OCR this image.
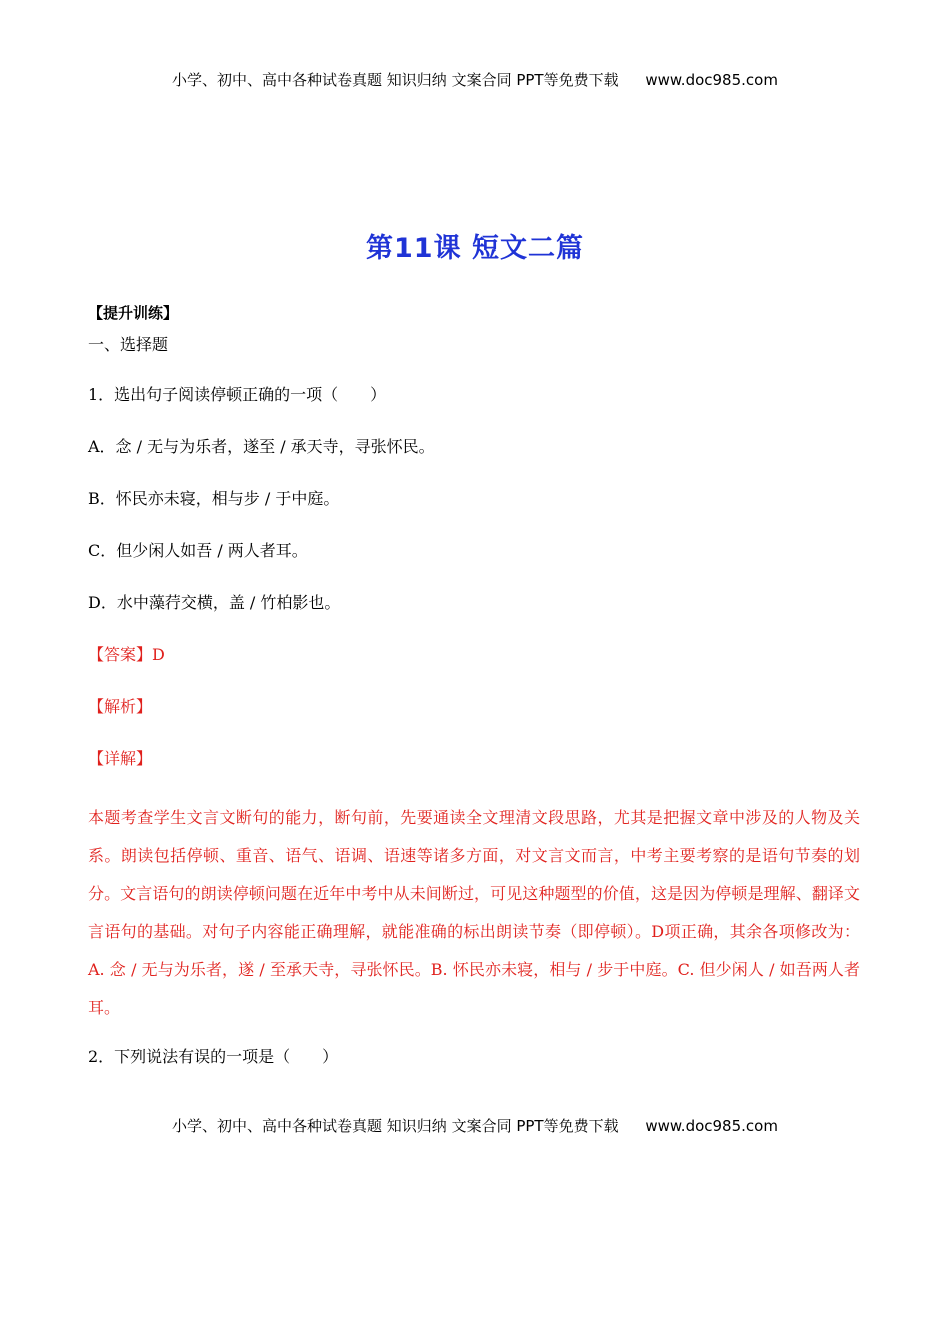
小学、初中、高中各种试卷真题 知识归纳 文案合同 PPT等免费下载 www.doc985.com
第11课 短文二篇

【提升训练】

一、选择题

1．选出句子阅读停顿正确的一项（　　）

A．念 / 无与为乐者，遂至 / 承天寺，寻张怀民。

B．怀民亦未寝，相与步 / 于中庭。

C．但少闲人如吾 / 两人者耳。

D．水中藻荇交横，盖 / 竹柏影也。

【答案】D

【解析】

【详解】

本题考查学生文言文断句的能力，断句前，先要通读全文理清文段思路，尤其是把握文章中涉及的人物及关系。朗读包括停顿、重音、语气、语调、语速等诸多方面，对文言文而言，中考主要考察的是语句节奏的划分。文言语句的朗读停顿问题在近年中考中从未间断过，可见这种题型的价值，这是因为停顿是理解、翻译文言语句的基础。对句子内容能正确理解，就能准确的标出朗读节奏（即停顿）。D项正确，其余各项修改为：A. 念 / 无与为乐者，遂 / 至承天寺，寻张怀民。B. 怀民亦未寝，相与 / 步于中庭。C. 但少闲人 / 如吾两人者耳。

2．下列说法有误的一项是（　　）

小学、初中、高中各种试卷真题 知识归纳 文案合同 PPT等免费下载 www.doc985.com
